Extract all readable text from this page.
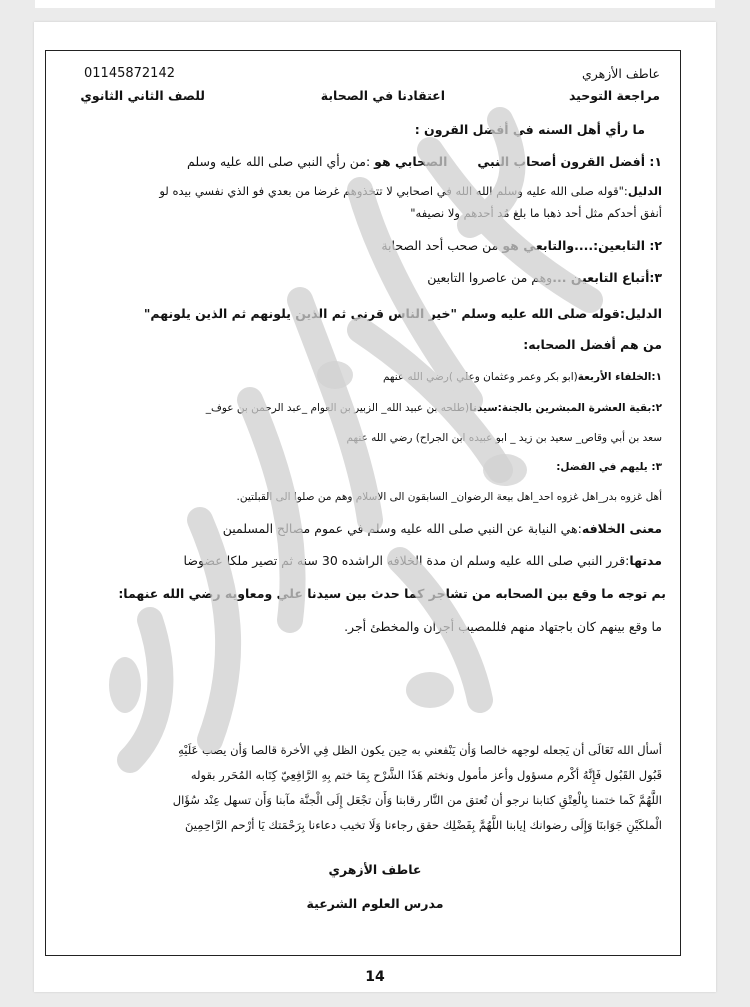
عاطف الأزهري
01145872142
مراجعة التوحيد
اعتقادنا في الصحابة
للصف الثاني الثانوي
ما رأي أهل السنه في أفضل القرون :
١: أفضل القرون أصحاب النبيالصحابي هو :من رأي النبي صلى الله عليه وسلم
الدليل:"قوله صلى الله عليه وسلم الله الله في اصحابي لا تتخذوهم غرضا من بعدي فو الذي نفسي بيده لو
أنفق أحدكم مثل أحد ذهبا ما بلغ مُد أحدهم ولا نصيفه"
٢: التابعين:....والتابعي هو من صحب أحد الصحابة
٣:أتباع التابعين ...وهم من عاصروا التابعين
الدليل:قوله صلى الله عليه وسلم "خير الناس قرني ثم الذين يلونهم ثم الذين يلونهم"
من هم أفضل الصحابه:
١:الخلفاء الأربعة(ابو بكر وعمر وعثمان وعلي )رضي الله عنهم
٢:بقية العشرة المبشرين بالجنة:سيدنا(طلحه بن عبيد الله_ الزبير بن العوام _عبد الرحمن بن عوف_
سعد بن أبي وقاص_ سعيد بن زيد _ ابو عبيده ابن الجراح) رضي الله عنهم
٣: يليهم في الفضل:
أهل غزوه بدر_اهل غزوه احد_اهل بيعة الرضوان_ السابقون الى الاسلام وهم من صلوا الى القبلتين.
معنى الخلافه:هي النيابة عن النبي صلى الله عليه وسلم في عموم مصالح المسلمين
مدتها:قرر النبي صلى الله عليه وسلم ان مدة الخلافه الراشده 30 سنه ثم تصير ملكا عضوضا
بم توجه ما وقع بين الصحابه من تشاجر كما حدث بين سيدنا علي ومعاويه رضي الله عنهما:
ما وقع بينهم كان باجتهاد منهم فللمصيب أجران والمخطئ أجر.
أسأل الله تَعَالَى أن يَجعله لوجهه خالصا وَأن يَنْفعني به حِين يكون الظل فِي الأخرة قالصا وَأن يصب عَلَيْهِ
قَبُول القَبُول فَإِنَّهُ أكْرم مسؤول وأعز مأمول ونختم هَذَا الشَّرْح بِمَا ختم بِهِ الرَّافِعِيّ كِتَابه المُحَرر بقوله
اللَّهُمَّ كَما ختمنا بِالْعِتْقِ كتابنا نرجو أن تُعتق من النَّار رقابنا وَأَن تجْعَل إِلَى الْجنَّة مآبنا وَأَن تسهل عِنْد سُؤَال
الْملكَيْنِ جَوَابنَا وَإِلَى رضوانك إيابنا اللَّهُمَّ بِفَضْلِك حقق رجاءنا وَلَا تخيب دعاءنا بِرَحْمَتك يَا أرْحم الرَّاحِمِينَ
عاطف الأزهري
مدرس العلوم الشرعية
14
